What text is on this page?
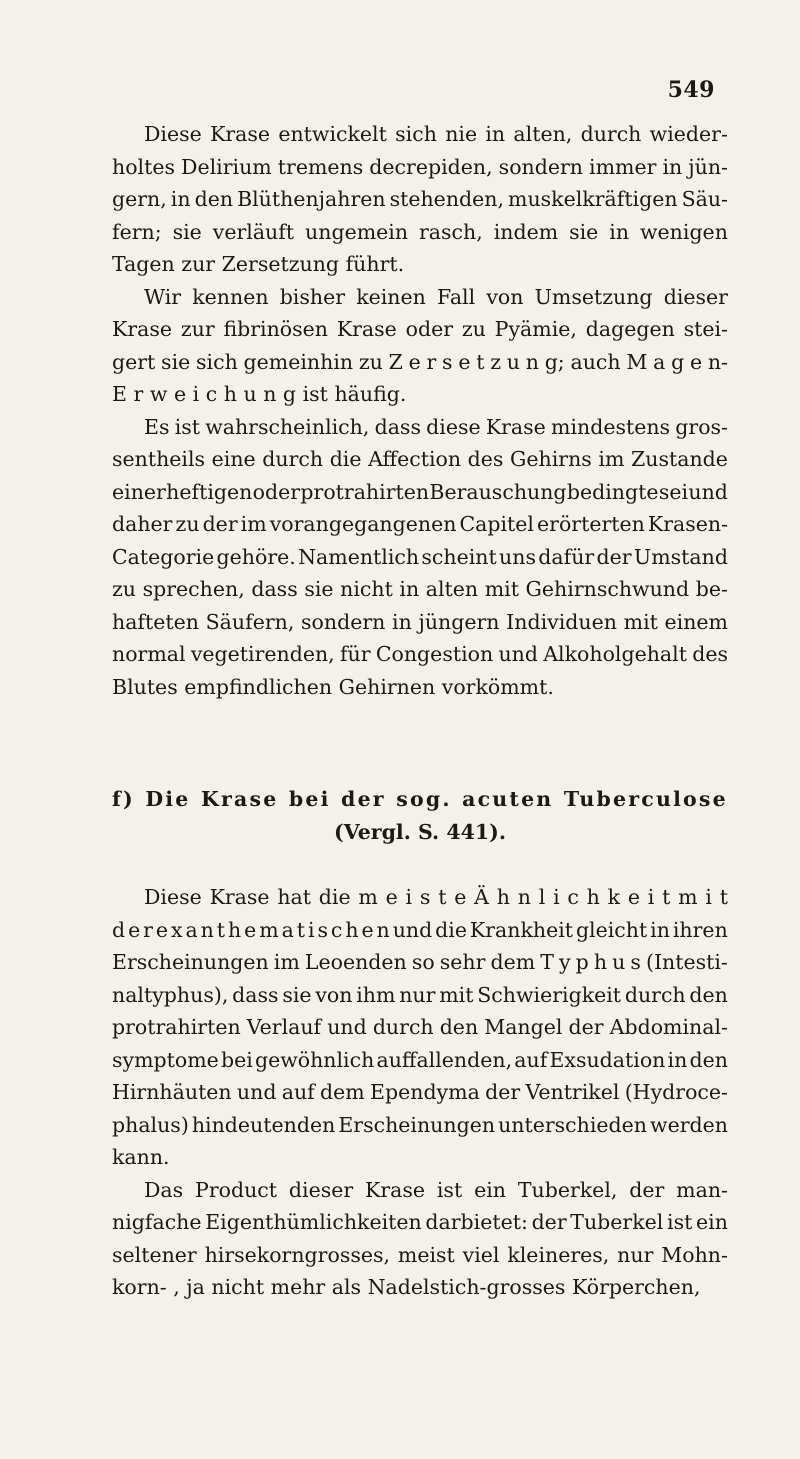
549
Diese Krase entwickelt sich nie in alten, durch wieder-
holtes Delirium tremens decrepiden, sondern immer in jün-
gern, in den Blüthenjahren stehenden, muskelkräftigen Säu-
fern; sie verläuft ungemein rasch, indem sie in wenigen
Tagen
zur
Zersetzung
führt.
Wir kennen bisher keinen Fall von Umsetzung dieser
Krase zur fibrinösen Krase oder zu Pyämie, dagegen stei-
gert sie sich gemeinhin zu Z e r s e t z u n g; auch M a g e n-
E
r
w
e
i
c
h
u
n
g
ist
häufig.
Es ist wahrscheinlich, dass diese Krase mindestens gros-
sentheils eine durch die Affection des Gehirns im Zustande
einer heftigen oder protrahirten Berauschung bedingte sei und
daher zu der im vorangegangenen Capitel erörterten Krasen-
Categorie gehöre. Namentlich scheint uns dafür der Umstand
zu sprechen, dass sie nicht in alten mit Gehirnschwund be-
hafteten Säufern, sondern in jüngern Individuen mit einem
normal vegetirenden, für Congestion und Alkoholgehalt des
Blutes
empfindlichen
Gehirnen
vorkömmt.
f) Die Krase bei der sog. acuten Tuberculose
(Vergl. S. 441).
Diese Krase hat die m e i s t e Ä h n l i c h k e i t m i t
d e r e x a n t h e m a t i s c h e n und die Krankheit gleicht in ihren
Erscheinungen im Leoenden so sehr dem T y p h u s (Intesti-
naltyphus), dass sie von ihm nur mit Schwierigkeit durch den
protrahirten Verlauf und durch den Mangel der Abdominal-
symptome bei gewöhnlich auffallenden, auf Exsudation in den
Hirnhäuten und auf dem Ependyma der Ventrikel (Hydroce-
phalus) hindeutenden Erscheinungen unterschieden werden
kann.
Das Product dieser Krase ist ein Tuberkel, der man-
nigfache Eigenthümlichkeiten darbietet: der Tuberkel ist ein
seltener hirsekorngrosses, meist viel kleineres, nur Mohn-
korn-
,
ja
nicht
mehr
als
Nadelstich-grosses
Körperchen,
